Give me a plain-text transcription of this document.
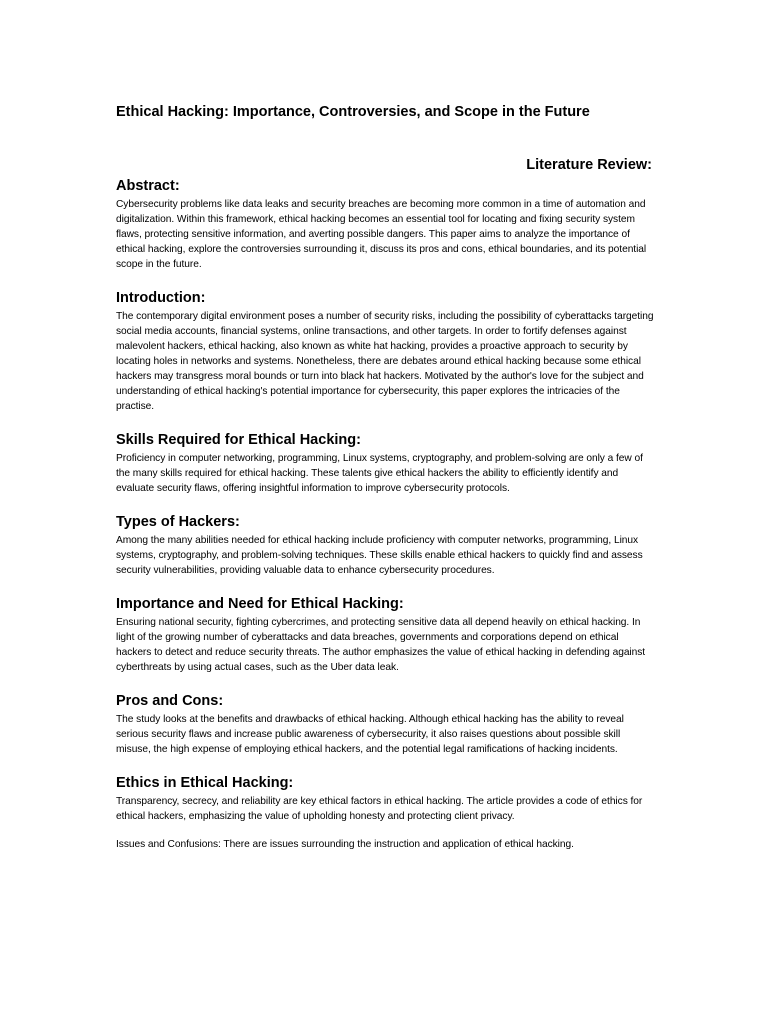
Ethical Hacking: Importance, Controversies, and Scope in the Future
Literature Review:
Abstract:

Cybersecurity problems like data leaks and security breaches are becoming more common in a time of automation and digitalization. Within this framework, ethical hacking becomes an essential tool for locating and fixing security system flaws, protecting sensitive information, and averting possible dangers. This paper aims to analyze the importance of ethical hacking, explore the controversies surrounding it, discuss its pros and cons, ethical boundaries, and its potential scope in the future.

Introduction:

The contemporary digital environment poses a number of security risks, including the possibility of cyberattacks targeting social media accounts, financial systems, online transactions, and other targets. In order to fortify defenses against malevolent hackers, ethical hacking, also known as white hat hacking, provides a proactive approach to security by locating holes in networks and systems. Nonetheless, there are debates around ethical hacking because some ethical hackers may transgress moral bounds or turn into black hat hackers. Motivated by the author's love for the subject and understanding of ethical hacking's potential importance for cybersecurity, this paper explores the intricacies of the practise.

Skills Required for Ethical Hacking:

Proficiency in computer networking, programming, Linux systems, cryptography, and problem-solving are only a few of the many skills required for ethical hacking. These talents give ethical hackers the ability to efficiently identify and evaluate security flaws, offering insightful information to improve cybersecurity protocols.

Types of Hackers:

Among the many abilities needed for ethical hacking include proficiency with computer networks, programming, Linux systems, cryptography, and problem-solving techniques. These skills enable ethical hackers to quickly find and assess security vulnerabilities, providing valuable data to enhance cybersecurity procedures.

Importance and Need for Ethical Hacking:

Ensuring national security, fighting cybercrimes, and protecting sensitive data all depend heavily on ethical hacking. In light of the growing number of cyberattacks and data breaches, governments and corporations depend on ethical hackers to detect and reduce security threats. The author emphasizes the value of ethical hacking in defending against cyberthreats by using actual cases, such as the Uber data leak.

Pros and Cons:

The study looks at the benefits and drawbacks of ethical hacking. Although ethical hacking has the ability to reveal serious security flaws and increase public awareness of cybersecurity, it also raises questions about possible skill misuse, the high expense of employing ethical hackers, and the potential legal ramifications of hacking incidents.

Ethics in Ethical Hacking:

Transparency, secrecy, and reliability are key ethical factors in ethical hacking. The article provides a code of ethics for ethical hackers, emphasizing the value of upholding honesty and protecting client privacy.

Issues and Confusions: There are issues surrounding the instruction and application of ethical hacking.
